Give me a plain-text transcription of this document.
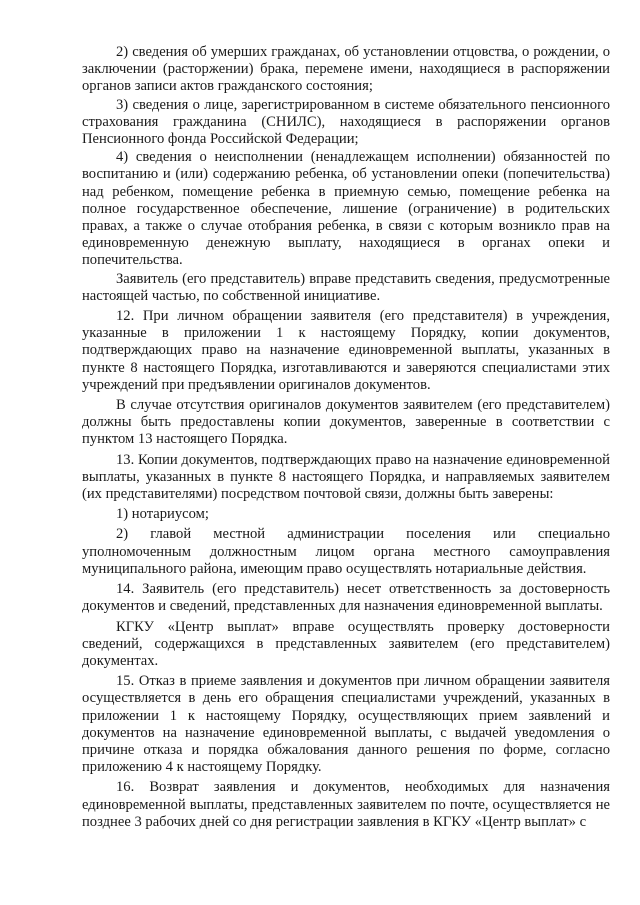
2) сведения об умерших гражданах, об установлении отцовства, о рождении, о заключении (расторжении) брака, перемене имени, находящиеся в распоряжении органов записи актов гражданского состояния;

3) сведения о лице, зарегистрированном в системе обязательного пенсионного страхования гражданина (СНИЛС), находящиеся в распоряжении органов Пенсионного фонда Российской Федерации;

4) сведения о неисполнении (ненадлежащем исполнении) обязанностей по воспитанию и (или) содержанию ребенка, об установлении опеки (попечительства) над ребенком, помещение ребенка в приемную семью, помещение ребенка на полное государственное обеспечение, лишение (ограничение) в родительских правах, а также о случае отобрания ребенка, в связи с которым возникло прав на единовременную денежную выплату, находящиеся в органах опеки и попечительства.

Заявитель (его представитель) вправе представить сведения, предусмотренные настоящей частью, по собственной инициативе.

12. При личном обращении заявителя (его представителя) в учреждения, указанные в приложении 1 к настоящему Порядку, копии документов, подтверждающих право на назначение единовременной выплаты, указанных в пункте 8 настоящего Порядка, изготавливаются и заверяются специалистами этих учреждений при предъявлении оригиналов документов.

В случае отсутствия оригиналов документов заявителем (его представителем) должны быть предоставлены копии документов, заверенные в соответствии с пунктом 13 настоящего Порядка.

13. Копии документов, подтверждающих право на назначение единовременной выплаты, указанных в пункте 8 настоящего Порядка, и направляемых заявителем (их представителями) посредством почтовой связи, должны быть заверены:

1) нотариусом;

2) главой местной администрации поселения или специально уполномоченным должностным лицом органа местного самоуправления муниципального района, имеющим право осуществлять нотариальные действия.

14. Заявитель (его представитель) несет ответственность за достоверность документов и сведений, представленных для назначения единовременной выплаты.

КГКУ «Центр выплат» вправе осуществлять проверку достоверности сведений, содержащихся в представленных заявителем (его представителем) документах.

15. Отказ в приеме заявления и документов при личном обращении заявителя осуществляется в день его обращения специалистами учреждений, указанных в приложении 1 к настоящему Порядку, осуществляющих прием заявлений и документов на назначение единовременной выплаты, с выдачей уведомления о причине отказа и порядка обжалования данного решения по форме, согласно приложению 4 к настоящему Порядку.

16. Возврат заявления и документов, необходимых для назначения единовременной выплаты, представленных заявителем по почте, осуществляется не позднее 3 рабочих дней со дня регистрации заявления в КГКУ «Центр выплат» с
